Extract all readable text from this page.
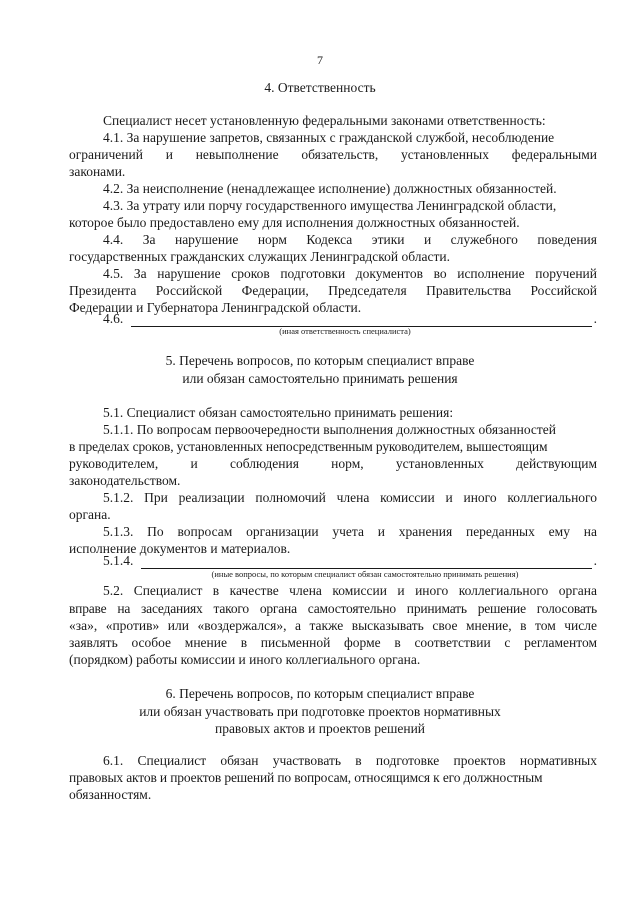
7
4. Ответственность
Специалист несет установленную федеральными законами ответственность:
4.1. За нарушение запретов, связанных с гражданской службой, несоблюдение
ограничений и невыполнение обязательств, установленных федеральными
законами.
4.2. За неисполнение (ненадлежащее исполнение) должностных обязанностей.
4.3. За утрату или порчу государственного имущества Ленинградской области,
которое было предоставлено ему для исполнения должностных обязанностей.
4.4. За нарушение норм Кодекса этики и служебного поведения
государственных гражданских служащих Ленинградской области.
4.5. За нарушение сроков подготовки документов во исполнение поручений
Президента Российской Федерации, Председателя Правительства Российской
Федерации и Губернатора Ленинградской области.
4.6.	.
(иная ответственность специалиста)
5. Перечень вопросов, по которым специалист вправе
или обязан самостоятельно принимать решения
5.1. Специалист обязан самостоятельно принимать решения:
5.1.1. По вопросам первоочередности выполнения должностных обязанностей
в пределах сроков, установленных непосредственным руководителем, вышестоящим
руководителем, и соблюдения норм, установленных действующим
законодательством.
5.1.2. При реализации полномочий члена комиссии и иного коллегиального
органа.
5.1.3. По вопросам организации учета и хранения переданных ему на
исполнение документов и материалов.
5.1.4.	.
(иные вопросы, по которым специалист обязан самостоятельно принимать решения)
5.2. Специалист в качестве члена комиссии и иного коллегиального органа
вправе на заседаниях такого органа самостоятельно принимать решение голосовать
«за», «против» или «воздержался», а также высказывать свое мнение, в том числе
заявлять особое мнение в письменной форме в соответствии с регламентом
(порядком) работы комиссии и иного коллегиального органа.
6. Перечень вопросов, по которым специалист вправе
или обязан участвовать при подготовке проектов нормативных
правовых актов и проектов решений
6.1. Специалист обязан участвовать в подготовке проектов нормативных
правовых актов и проектов решений по вопросам, относящимся к его должностным
обязанностям.
